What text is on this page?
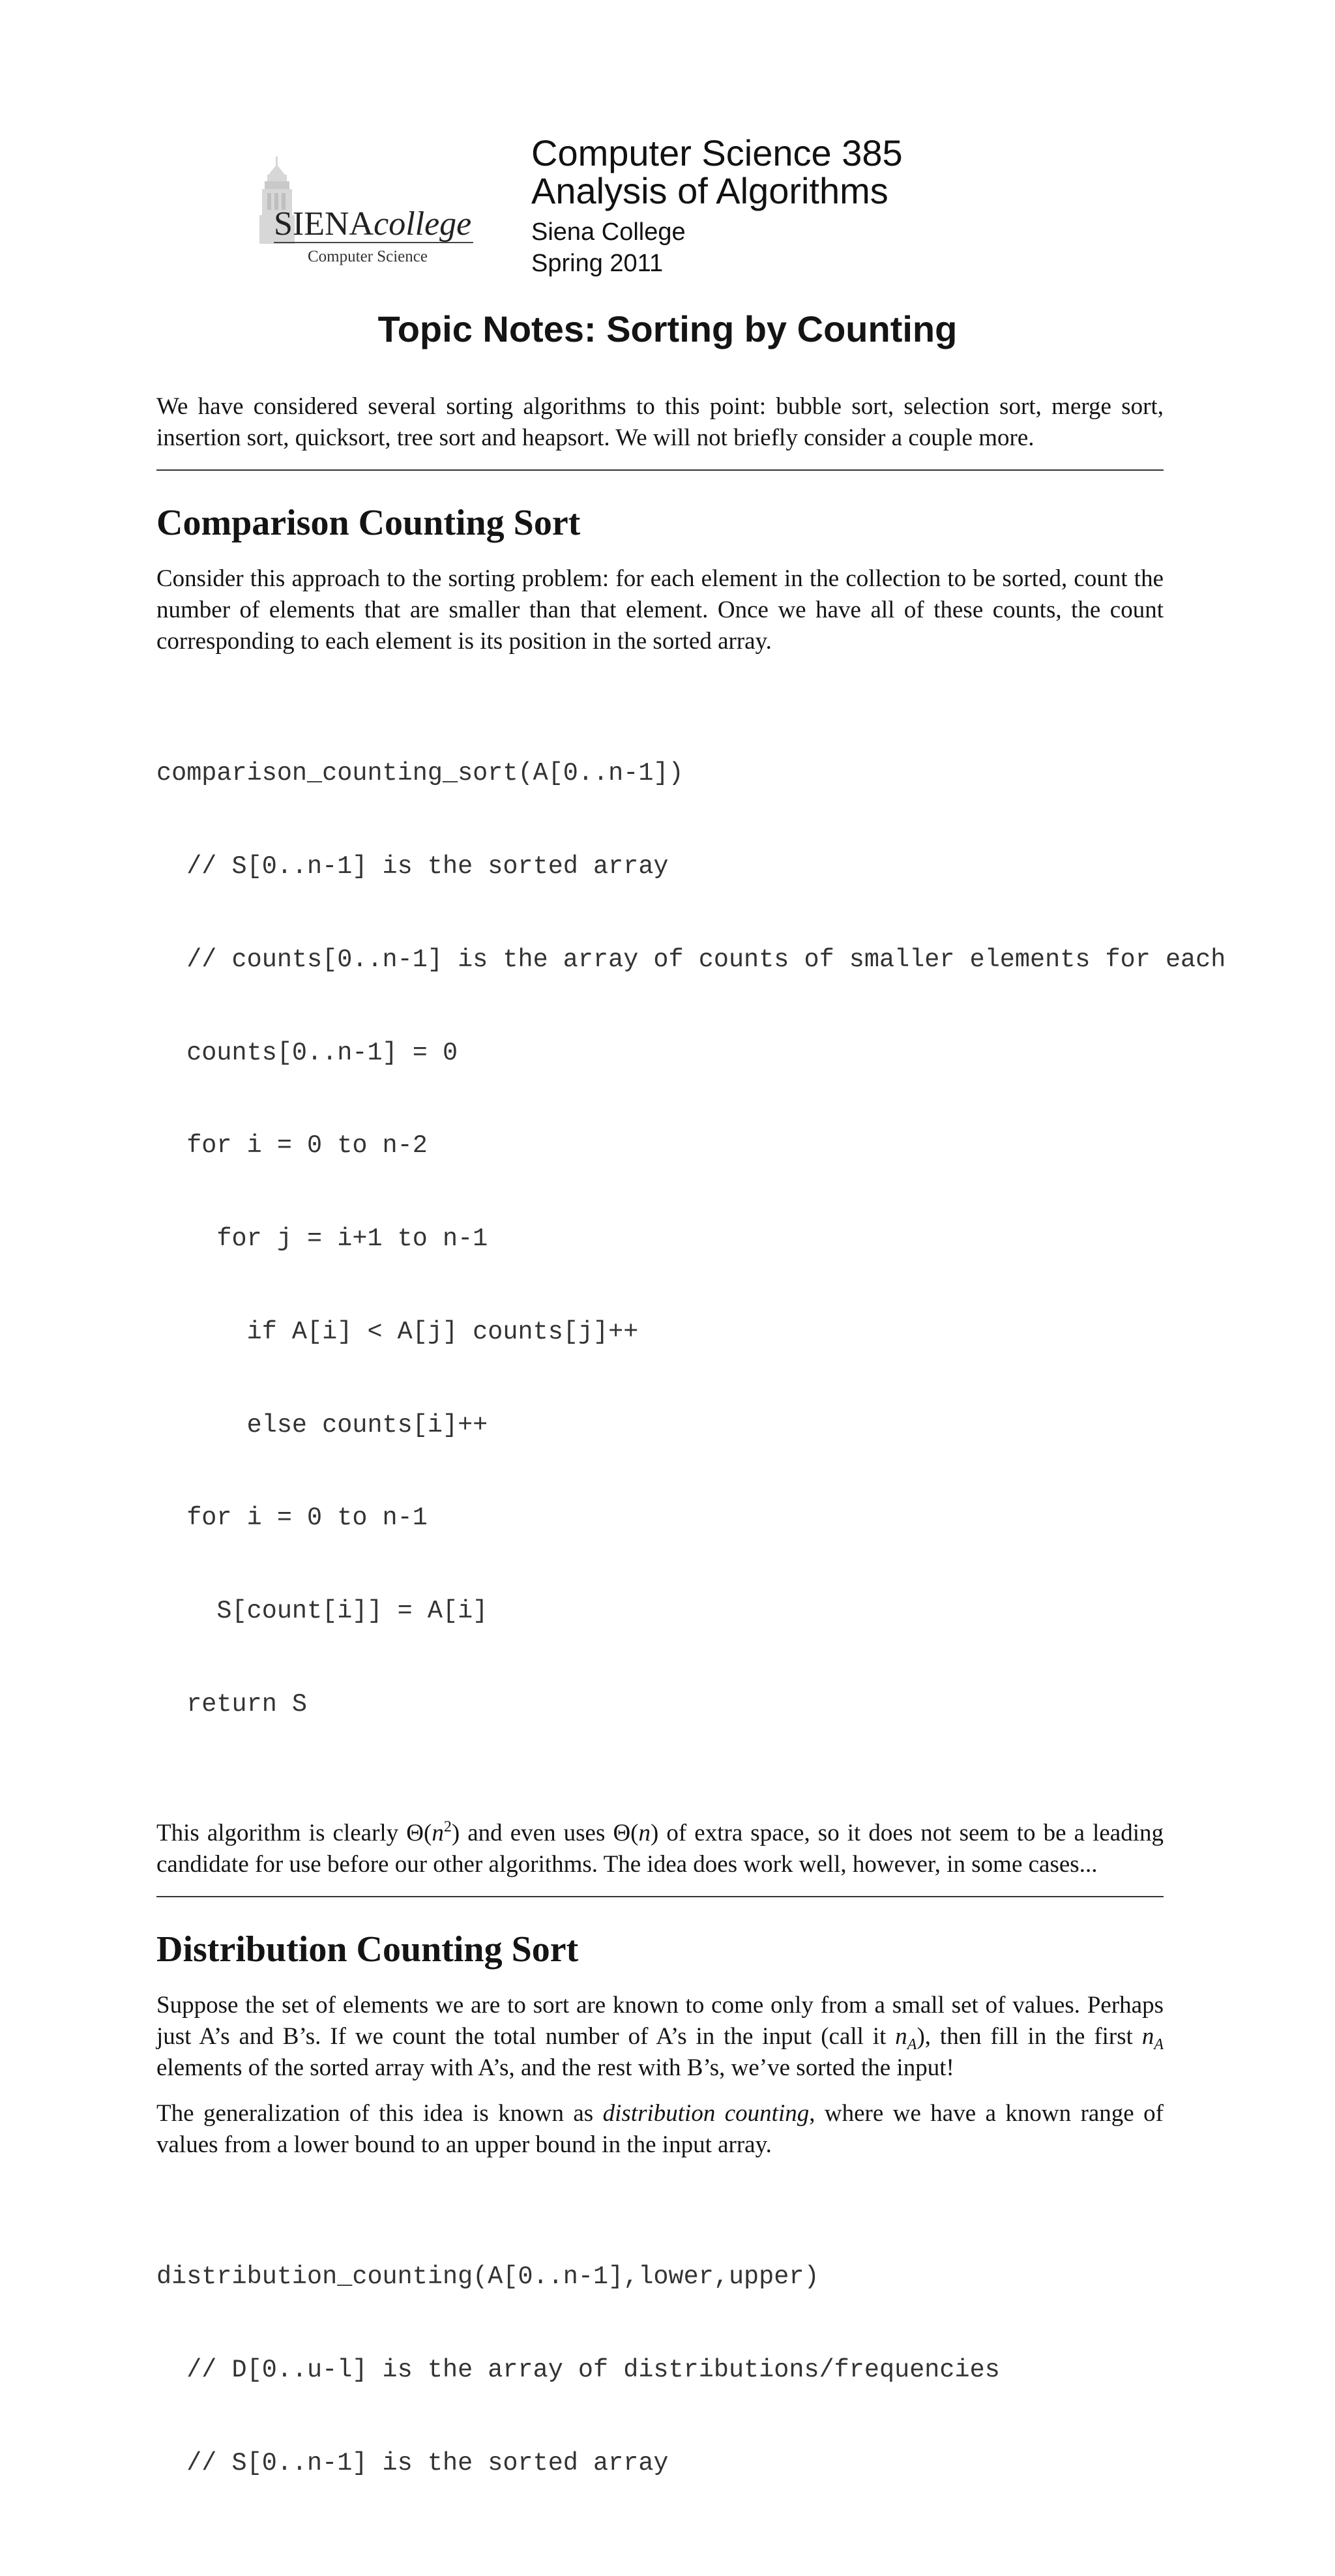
SIENAcollege
Computer Science
Computer Science 385
Analysis of Algorithms
Siena College
Spring 2011
Topic Notes: Sorting by Counting

We have considered several sorting algorithms to this point: bubble sort, selection sort, merge sort, insertion sort, quicksort, tree sort and heapsort. We will not briefly consider a couple more.

Comparison Counting Sort

Consider this approach to the sorting problem: for each element in the collection to be sorted, count the number of elements that are smaller than that element. Once we have all of these counts, the count corresponding to each element is its position in the sorted array.

comparison_counting_sort(A[0..n-1])

// S[0..n-1] is the sorted array

// counts[0..n-1] is the array of counts of smaller elements for each

counts[0..n-1] = 0

for i = 0 to n-2

for j = i+1 to n-1

if A[i] < A[j] counts[j]++

else counts[i]++

for i = 0 to n-1

S[count[i]] = A[i]

return S

This algorithm is clearly $\Theta(n^2)$ and even uses Θ(n) of extra space, so it does not seem to be a leading candidate for use before our other algorithms. The idea does work well, however, in some cases...

Distribution Counting Sort

Suppose the set of elements we are to sort are known to come only from a small set of values. Perhaps just A’s and B’s. If we count the total number of A’s in the input (call it $n_A$), then fill in the first $n_A$ elements of the sorted array with A’s, and the rest with B’s, we’ve sorted the input!

The generalization of this idea is known as distribution counting, where we have a known range of values from a lower bound to an upper bound in the input array.

distribution_counting(A[0..n-1],lower,upper)

// D[0..u-l] is the array of distributions/frequencies

// S[0..n-1] is the sorted array
